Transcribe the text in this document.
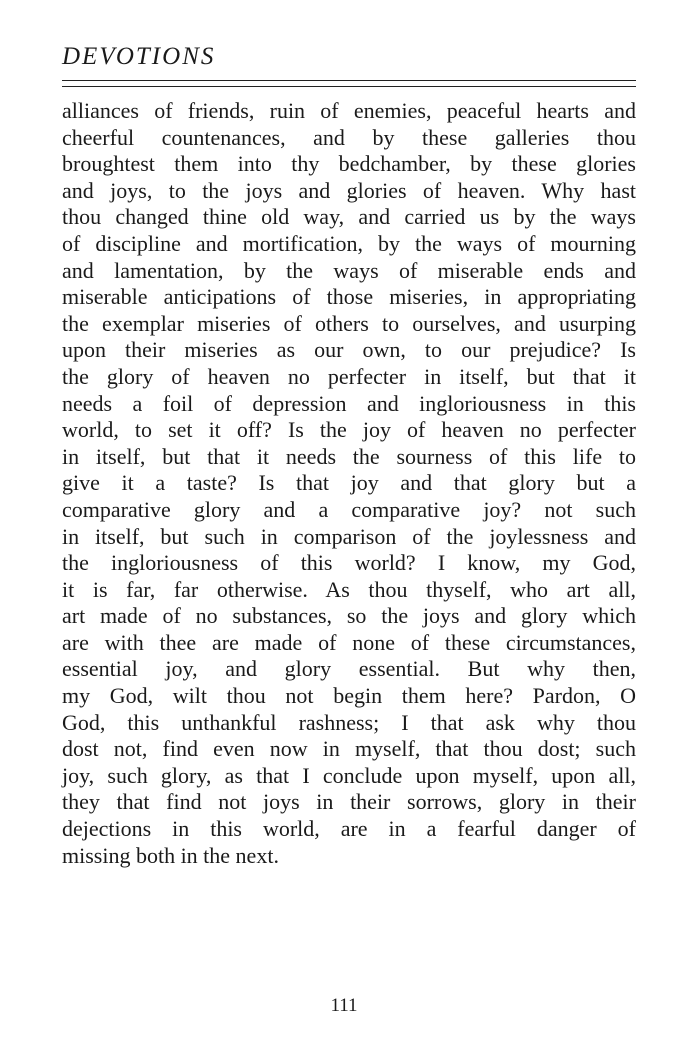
DEVOTIONS
alliances of friends, ruin of enemies, peaceful hearts and
cheerful countenances, and by these galleries thou
broughtest them into thy bedchamber, by these glories
and joys, to the joys and glories of heaven. Why hast
thou changed thine old way, and carried us by the ways
of discipline and mortification, by the ways of mourning
and lamentation, by the ways of miserable ends and
miserable anticipations of those miseries, in appropriating
the exemplar miseries of others to ourselves, and usurping
upon their miseries as our own, to our prejudice? Is
the glory of heaven no perfecter in itself, but that it
needs a foil of depression and ingloriousness in this
world, to set it off? Is the joy of heaven no perfecter
in itself, but that it needs the sourness of this life to
give it a taste? Is that joy and that glory but a
comparative glory and a comparative joy? not such
in itself, but such in comparison of the joylessness and
the ingloriousness of this world? I know, my God,
it is far, far otherwise. As thou thyself, who art all,
art made of no substances, so the joys and glory which
are with thee are made of none of these circumstances,
essential joy, and glory essential. But why then,
my God, wilt thou not begin them here? Pardon, O
God, this unthankful rashness; I that ask why thou
dost not, find even now in myself, that thou dost; such
joy, such glory, as that I conclude upon myself, upon all,
they that find not joys in their sorrows, glory in their
dejections in this world, are in a fearful danger of
missing both in the next.

111
